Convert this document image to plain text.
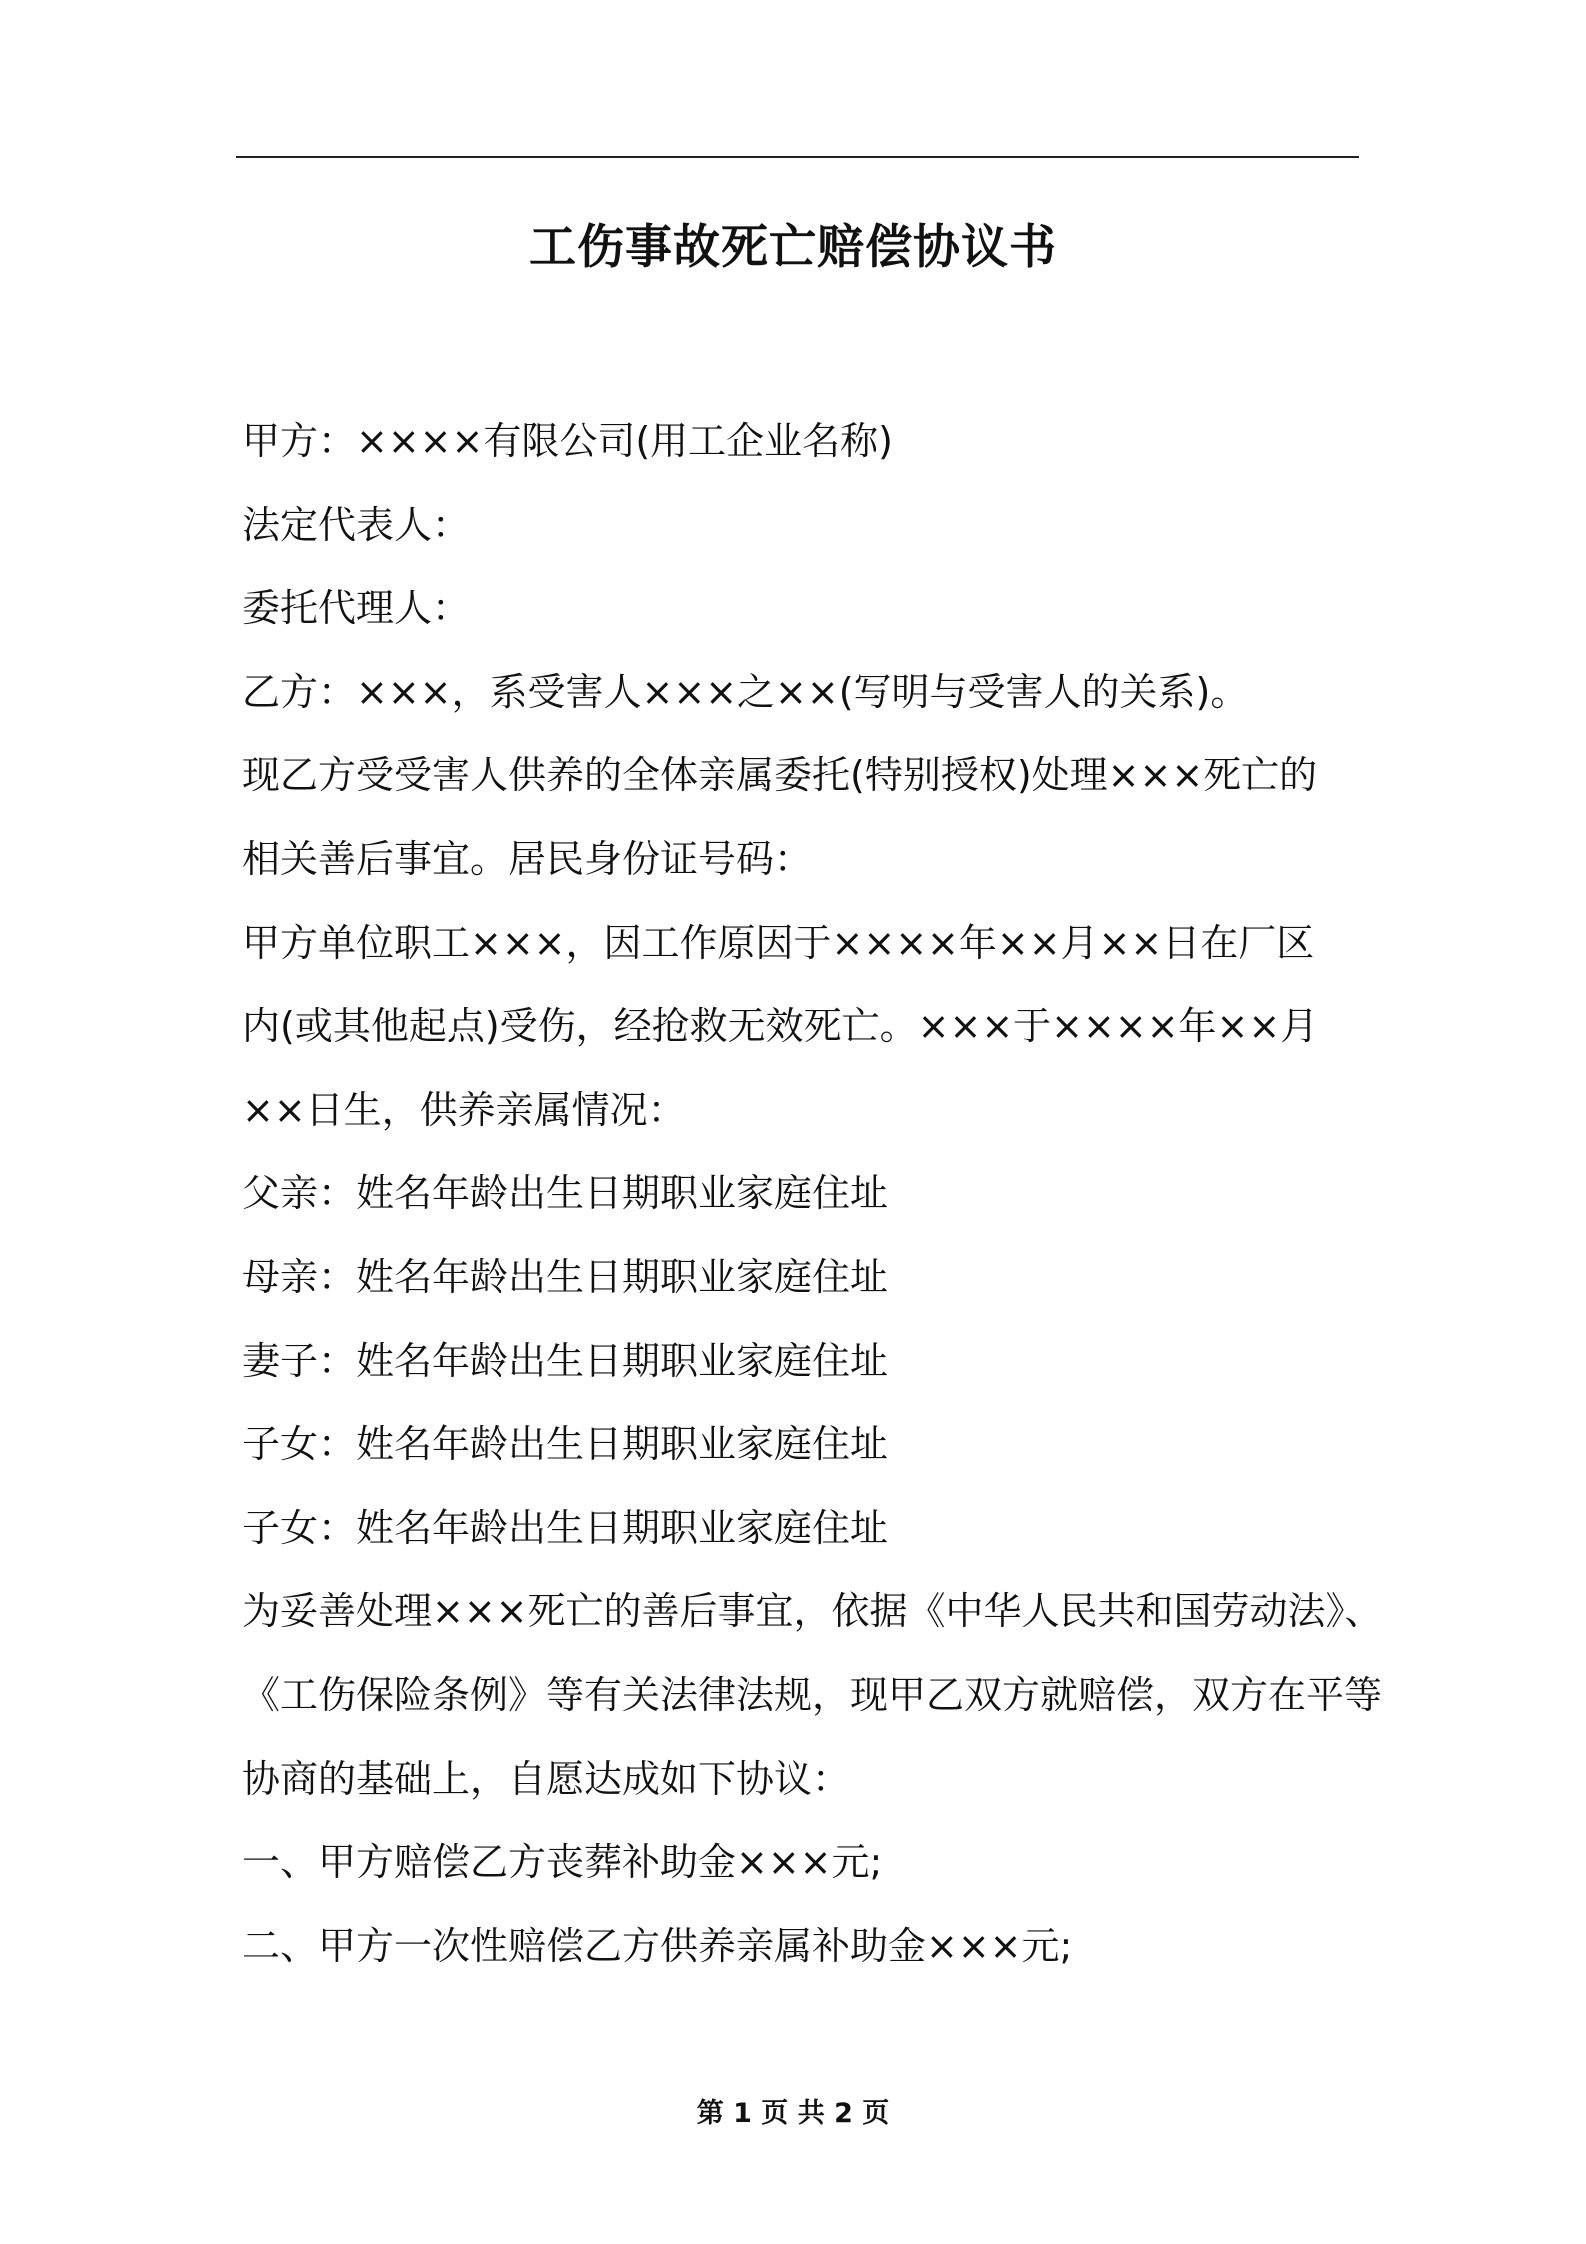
工伤事故死亡赔偿协议书
甲方：××××有限公司(用工企业名称)
法定代表人：
委托代理人：
乙方：×××，系受害人×××之××(写明与受害人的关系)。
现乙方受受害人供养的全体亲属委托(特别授权)处理×××死亡的
相关善后事宜。居民身份证号码：
甲方单位职工×××，因工作原因于××××年××月××日在厂区
内(或其他起点)受伤，经抢救无效死亡。×××于××××年××月
××日生，供养亲属情况：
父亲：姓名年龄出生日期职业家庭住址
母亲：姓名年龄出生日期职业家庭住址
妻子：姓名年龄出生日期职业家庭住址
子女：姓名年龄出生日期职业家庭住址
子女：姓名年龄出生日期职业家庭住址
为妥善处理×××死亡的善后事宜，依据《中华人民共和国劳动法》、
《工伤保险条例》等有关法律法规，现甲乙双方就赔偿，双方在平等
协商的基础上，自愿达成如下协议：
一、甲方赔偿乙方丧葬补助金×××元;
二、甲方一次性赔偿乙方供养亲属补助金×××元;
第 1 页 共 2 页
